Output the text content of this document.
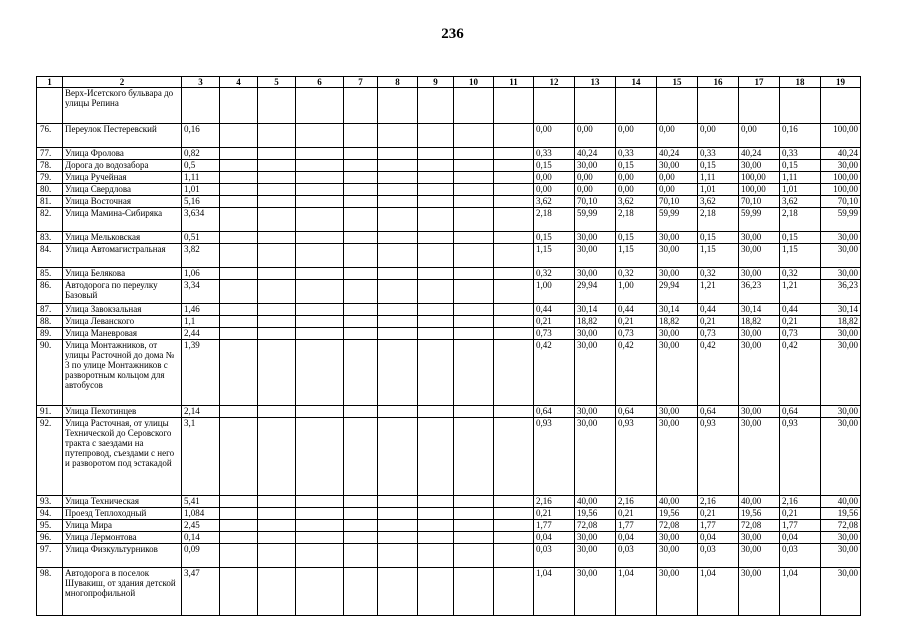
236
1	2	3	4	5	6	7	8	9	10	11	12	13	14	15	16	17	18	19
	Верх-Исетского бульвара до улицы Репина																	
76.	Переулок Пестеревский	0,16									0,00	0,00	0,00	0,00	0,00	0,00	0,16	100,00
77.	Улица Фролова	0,82									0,33	40,24	0,33	40,24	0,33	40,24	0,33	40,24
78.	Дорога до водозабора	0,5									0,15	30,00	0,15	30,00	0,15	30,00	0,15	30,00
79.	Улица Ручейная	1,11									0,00	0,00	0,00	0,00	1,11	100,00	1,11	100,00
80.	Улица Свердлова	1,01									0,00	0,00	0,00	0,00	1,01	100,00	1,01	100,00
81.	Улица Восточная	5,16									3,62	70,10	3,62	70,10	3,62	70,10	3,62	70,10
82.	Улица Мамина-Сибиряка	3,634									2,18	59,99	2,18	59,99	2,18	59,99	2,18	59,99
83.	Улица Мельковская	0,51									0,15	30,00	0,15	30,00	0,15	30,00	0,15	30,00
84.	Улица Автомагистральная	3,82									1,15	30,00	1,15	30,00	1,15	30,00	1,15	30,00
85.	Улица Белякова	1,06									0,32	30,00	0,32	30,00	0,32	30,00	0,32	30,00
86.	Автодорога по переулку Базовый	3,34									1,00	29,94	1,00	29,94	1,21	36,23	1,21	36,23
87.	Улица Завокзальная	1,46									0,44	30,14	0,44	30,14	0,44	30,14	0,44	30,14
88.	Улица Леванского	1,1									0,21	18,82	0,21	18,82	0,21	18,82	0,21	18,82
89.	Улица Маневровая	2,44									0,73	30,00	0,73	30,00	0,73	30,00	0,73	30,00
90.	Улица Монтажников, от улицы Расточной до дома № 3 по улице Монтажников с разворотным кольцом для автобусов	1,39									0,42	30,00	0,42	30,00	0,42	30,00	0,42	30,00
91.	Улица Пехотинцев	2,14									0,64	30,00	0,64	30,00	0,64	30,00	0,64	30,00
92.	Улица Расточная, от улицы Технической до Серовского тракта с заездами на путепровод, съездами с него и разворотом под эстакадой	3,1									0,93	30,00	0,93	30,00	0,93	30,00	0,93	30,00
93.	Улица Техническая	5,41									2,16	40,00	2,16	40,00	2,16	40,00	2,16	40,00
94.	Проезд Теплоходный	1,084									0,21	19,56	0,21	19,56	0,21	19,56	0,21	19,56
95.	Улица Мира	2,45									1,77	72,08	1,77	72,08	1,77	72,08	1,77	72,08
96.	Улица Лермонтова	0,14									0,04	30,00	0,04	30,00	0,04	30,00	0,04	30,00
97.	Улица Физкультурников	0,09									0,03	30,00	0,03	30,00	0,03	30,00	0,03	30,00
98.	Автодорога в поселок Шувакиш, от здания детской многопрофильной	3,47									1,04	30,00	1,04	30,00	1,04	30,00	1,04	30,00
